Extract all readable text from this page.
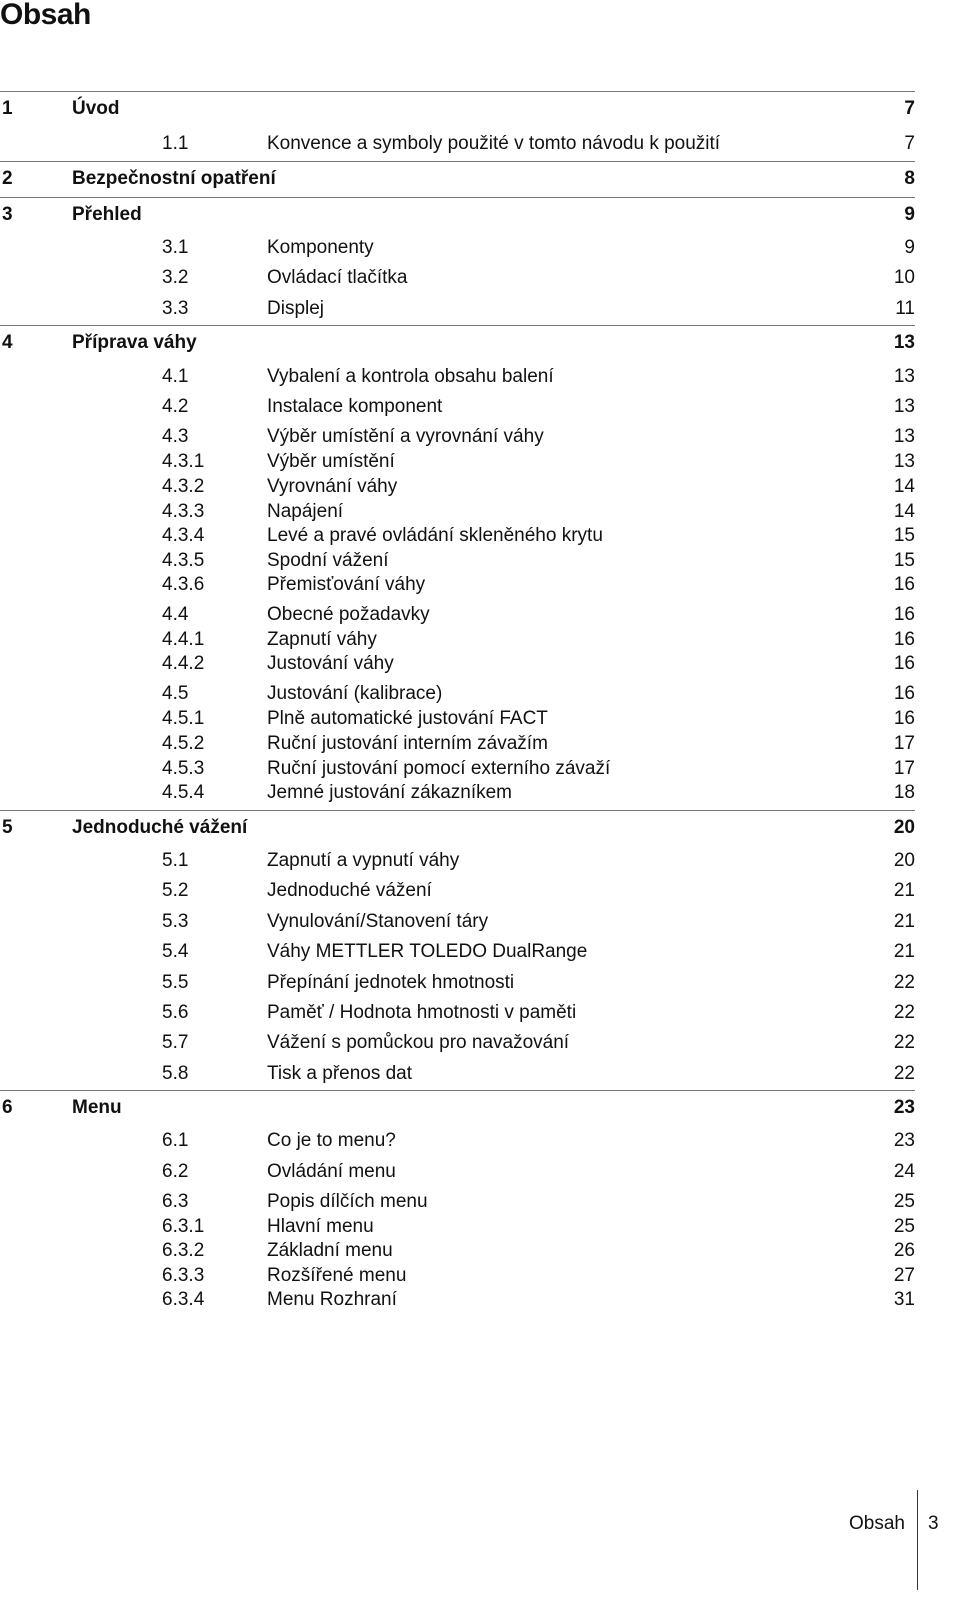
Obsah
1	Úvod	7
1.1	Konvence a symboly použité v tomto návodu k použití	7
2	Bezpečnostní opatření	8
3	Přehled	9
3.1	Komponenty	9
3.2	Ovládací tlačítka	10
3.3	Displej	11
4	Příprava váhy	13
4.1	Vybalení a kontrola obsahu balení	13
4.2	Instalace komponent	13
4.3	Výběr umístění a vyrovnání váhy	13
4.3.1	Výběr umístění	13
4.3.2	Vyrovnání váhy	14
4.3.3	Napájení	14
4.3.4	Levé a pravé ovládání skleněného krytu	15
4.3.5	Spodní vážení	15
4.3.6	Přemisťování váhy	16
4.4	Obecné požadavky	16
4.4.1	Zapnutí váhy	16
4.4.2	Justování váhy	16
4.5	Justování (kalibrace)	16
4.5.1	Plně automatické justování FACT	16
4.5.2	Ruční justování interním závažím	17
4.5.3	Ruční justování pomocí externího závaží	17
4.5.4	Jemné justování zákazníkem	18
5	Jednoduché vážení	20
5.1	Zapnutí a vypnutí váhy	20
5.2	Jednoduché vážení	21
5.3	Vynulování/Stanovení táry	21
5.4	Váhy METTLER TOLEDO DualRange	21
5.5	Přepínání jednotek hmotnosti	22
5.6	Paměť / Hodnota hmotnosti v paměti	22
5.7	Vážení s pomůckou pro navažování	22
5.8	Tisk a přenos dat	22
6	Menu	23
6.1	Co je to menu?	23
6.2	Ovládání menu	24
6.3	Popis dílčích menu	25
6.3.1	Hlavní menu	25
6.3.2	Základní menu	26
6.3.3	Rozšířené menu	27
6.3.4	Menu Rozhraní	31
Obsah 3
